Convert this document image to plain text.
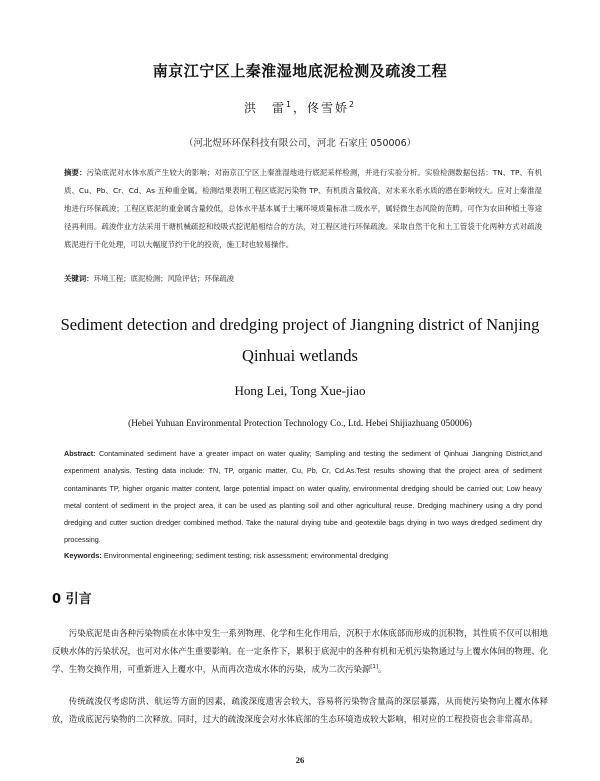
南京江宁区上秦淮湿地底泥检测及疏浚工程
洪　雷$^1$，佟雪娇$^2$
（河北煜环环保科技有限公司，河北 石家庄 050006）
摘要：污染底泥对水体水质产生较大的影响；对南京江宁区上秦淮湿地进行底泥采样检测，并进行实验分析。实验检测数据包括：TN、TP、有机质、Cu、Pb、Cr、Cd、As 五种重金属。检测结果表明工程区底泥污染物 TP、有机质含量较高，对未来水系水质的潜在影响较大。应对上秦淮湿地进行环保疏浚；工程区底泥的重金属含量较低，总体水平基本属于土壤环境质量标准二级水平，属轻微生态风险的范畴，可作为农田种植土等途径再利用。疏浚作业方法采用干塘机械疏挖和绞吸式挖泥船相结合的方法，对工程区进行环保疏浚。采取自然干化和土工管袋干化两种方式对疏浚底泥进行干化处理，可以大幅度节约干化的投资，施工时也较易操作。
关键词：环境工程；底泥检测；风险评估；环保疏浚
Sediment detection and dredging project of Jiangning district of Nanjing Qinhuai wetlands
Hong Lei, Tong Xue-jiao
(Hebei Yuhuan Environmental Protection Technology Co., Ltd. Hebei Shijiazhuang 050006)
Abstract: Contaminated sediment have a greater impact on water quality; Sampling and testing the sediment of Qinhuai Jiangning District,and experiment analysis. Testing data include: TN, TP, organic matter, Cu, Pb, Cr, Cd.As.Test results showing that the project area of sediment contaminants TP, higher organic matter content, large potential impact on water quality, environmental dredging should be carried out; Low heavy metal content of sediment in the project area, it can be used as planting soil and other agricultural reuse. Dredging machinery using a dry pond dredging and cutter suction dredger combined method. Take the natural drying tube and geotextile bags drying in two ways dredged sediment dry processing.
Keywords: Environmental engineering; sediment testing; risk assessment; environmental dredging
0 引言
污染底泥是由各种污染物质在水体中发生一系列物理、化学和生化作用后，沉积于水体底部而形成的沉积物，其性质不仅可以相地反映水体的污染状况，也可对水体产生重要影响。在一定条件下，累积于底泥中的各种有机和无机污染物通过与上覆水体间的物理、化学、生物交换作用，可重新进入上覆水中，从而再次造成水体的污染，成为二次污染源[1]。
传统疏浚仅考虑防洪、航运等方面的因素，疏浚深度遗害会较大，容易将污染物含量高的深层暴露，从而使污染物向上覆水体释放，造成底泥污染物的二次释放。同时，过大的疏浚深度会对水体底部的生态环境造成较大影响，相对应的工程投资也会非常高昂。
26
